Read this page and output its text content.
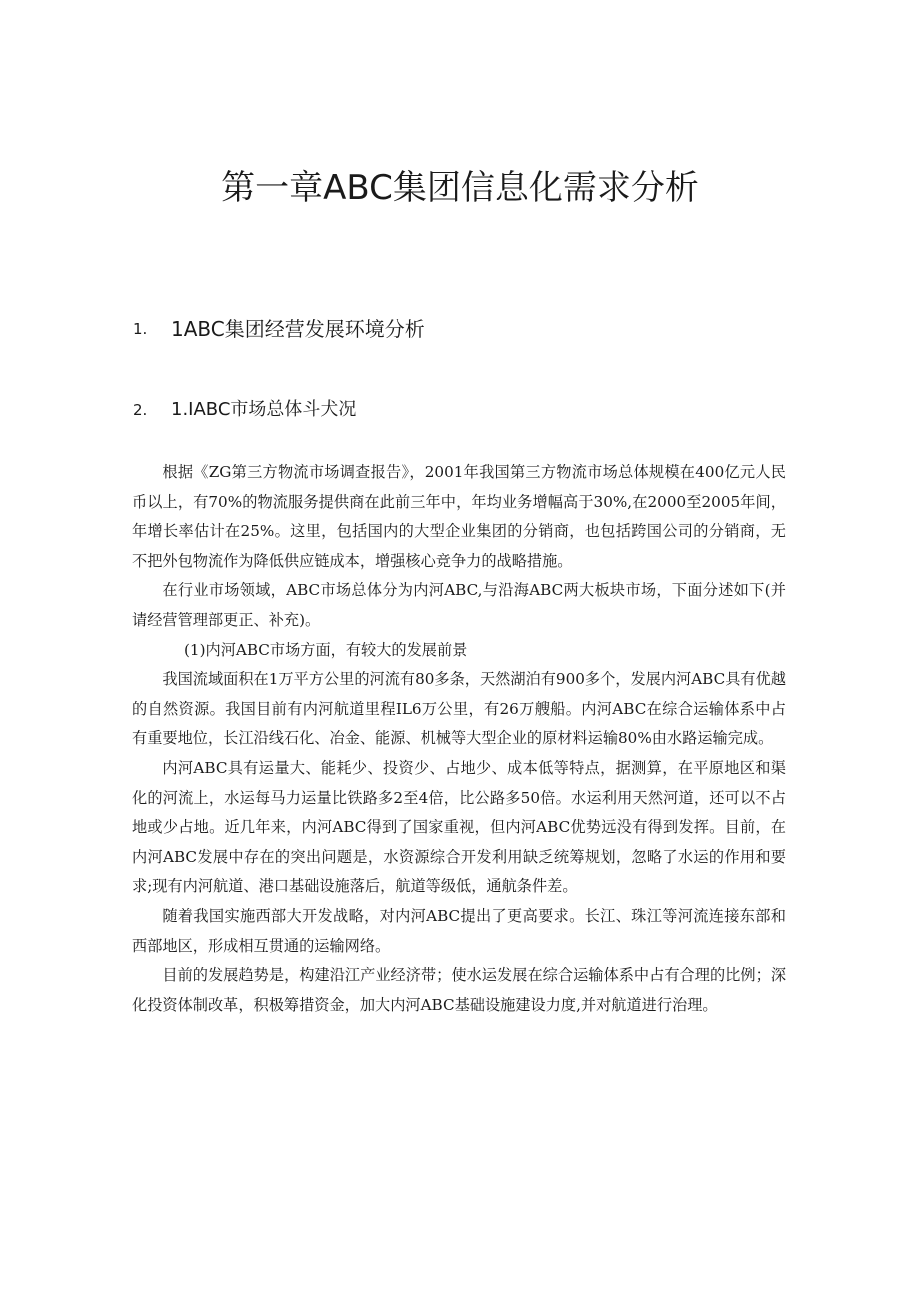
第一章ABC集团信息化需求分析
1. 1ABC集团经营发展环境分析
2. 1.IABC市场总体斗犬况

根据《ZG第三方物流市场调查报告》，2001年我国第三方物流市场总体规模在400亿元人民币以上，有70%的物流服务提供商在此前三年中，年均业务增幅高于30%,在2000至2005年间，年增长率估计在25%。这里，包括国内的大型企业集团的分销商，也包括跨国公司的分销商，无不把外包物流作为降低供应链成本，增强核心竞争力的战略措施。

在行业市场领域，ABC市场总体分为内河ABC,与沿海ABC两大板块市场，下面分述如下(并请经营管理部更正、补充)。

(1)内河ABC市场方面，有较大的发展前景

我国流域面积在1万平方公里的河流有80多条，天然湖泊有900多个，发展内河ABC具有优越的自然资源。我国目前有内河航道里程IL6万公里，有26万艘船。内河ABC在综合运输体系中占有重要地位，长江沿线石化、冶金、能源、机械等大型企业的原材料运输80%由水路运输完成。

内河ABC具有运量大、能耗少、投资少、占地少、成本低等特点，据测算，在平原地区和渠化的河流上，水运每马力运量比铁路多2至4倍，比公路多50倍。水运利用天然河道，还可以不占地或少占地。近几年来，内河ABC得到了国家重视，但内河ABC优势远没有得到发挥。目前，在内河ABC发展中存在的突出问题是，水资源综合开发利用缺乏统筹规划，忽略了水运的作用和要求;现有内河航道、港口基础设施落后，航道等级低，通航条件差。

随着我国实施西部大开发战略，对内河ABC提出了更高要求。长江、珠江等河流连接东部和西部地区，形成相互贯通的运输网络。

目前的发展趋势是，构建沿江产业经济带；使水运发展在综合运输体系中占有合理的比例；深化投资体制改革，积极筹措资金，加大内河ABC基础设施建设力度,并对航道进行治理。
